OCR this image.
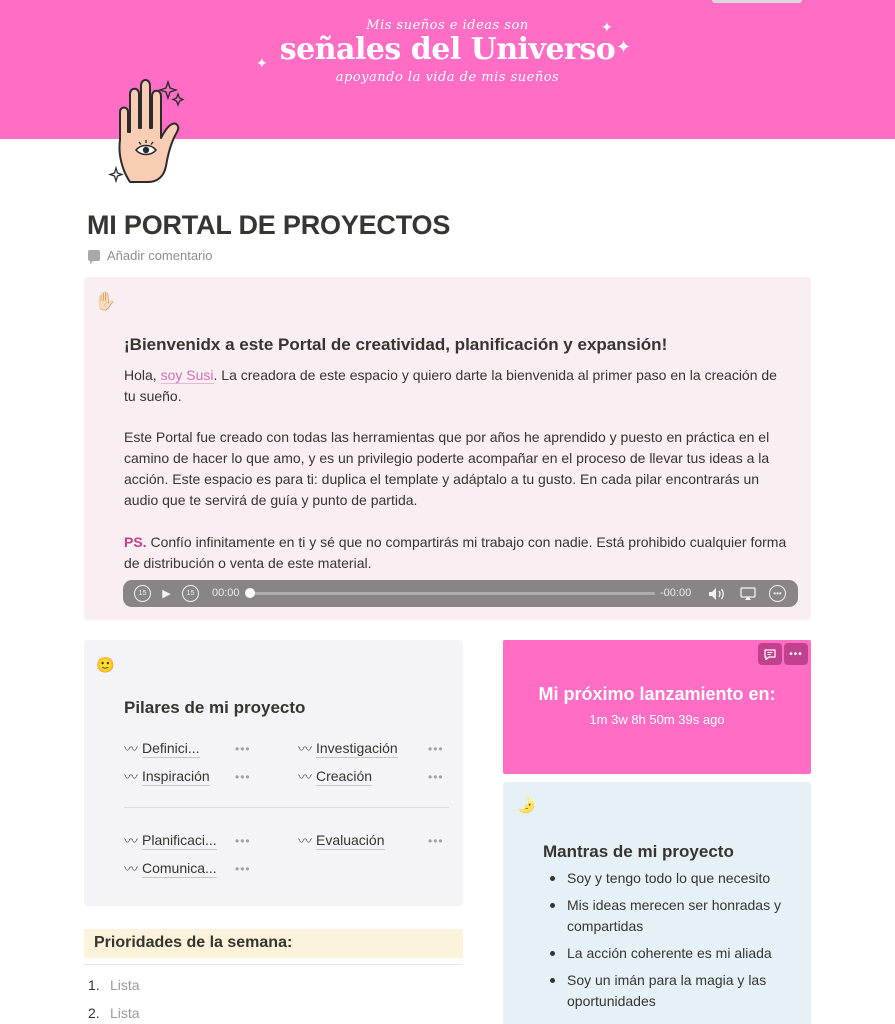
Mis sueños e ideas son
señales del Universo
apoyando la vida de mis sueños
✦
✦
✦
MI PORTAL DE PROYECTOS
Añadir comentario
✋🏻
¡Bienvenidx a este Portal de creatividad, planificación y expansión!

Hola, soy Susi. La creadora de este espacio y quiero darte la bienvenida al primer paso en la creación de tu sueño.

Este Portal fue creado con todas las herramientas que por años he aprendido y puesto en práctica en el camino de hacer lo que amo, y es un privilegio poderte acompañar en el proceso de llevar tus ideas a la acción. Este espacio es para ti: duplica el template y adáptalo a tu gusto. En cada pilar encontrarás un audio que te servirá de guía y punto de partida.

PS. Confío infinitamente en ti y sé que no compartirás mi trabajo con nadie. Está prohibido cualquier forma de distribución o venta de este material.

15	▶	15	00:00	-00:00	•••
🙂
Pilares de mi proyecto
〰 Definici...	•••	〰 Investigación	•••
〰 Inspiración •••	〰 Creación	•••
〰 Planificaci... •••	〰 Evaluación	•••
〰 Comunica... •••
•••
Mi próximo lanzamiento en:
1m 3w 8h 50m 39s ago
🌛
Mantras de mi proyecto
Soy y tengo todo lo que necesito
Mis ideas merecen ser honradas y compartidas
La acción coherente es mi aliada
Soy un imán para la magia y las oportunidades
Prioridades de la semana:
1. Lista
2. Lista
